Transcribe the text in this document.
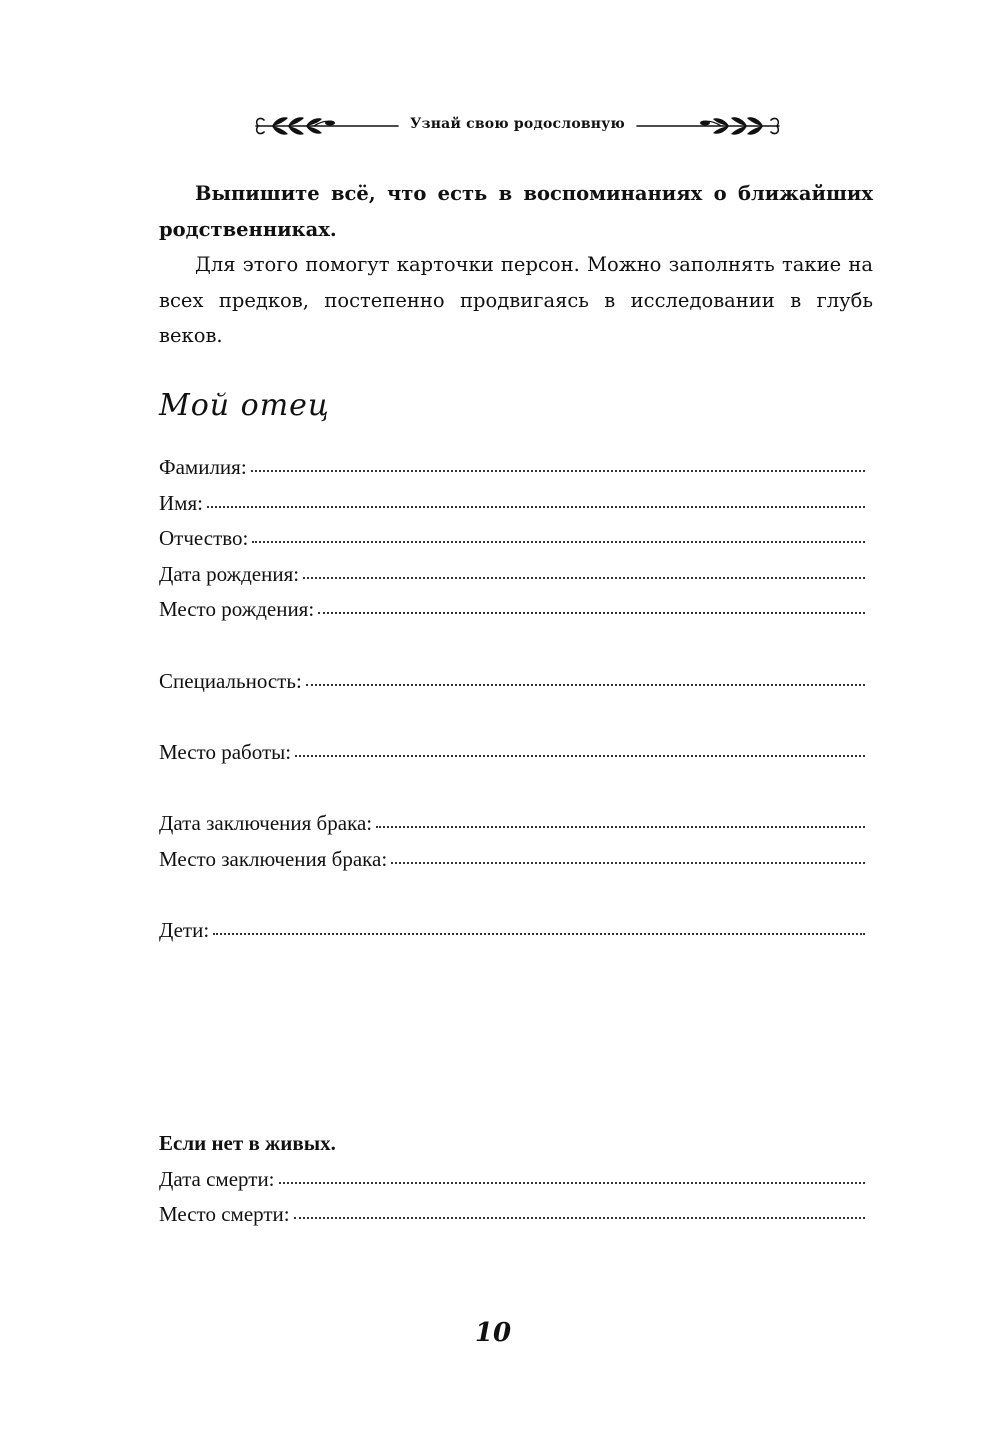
Узнай свою родословную

Выпишите всё, что есть в воспоминаниях о ближайших родственниках.

Для этого помогут карточки персон. Можно заполнять такие на всех предков, постепенно продвигаясь в исследовании в глубь веков.

Мой отец
Фамилия:
Имя:
Отчество:
Дата рождения:
Место рождения:
Специальность:
Место работы:
Дата заключения брака:
Место заключения брака:
Дети:
Если нет в живых.
Дата смерти:
Место смерти:
10
